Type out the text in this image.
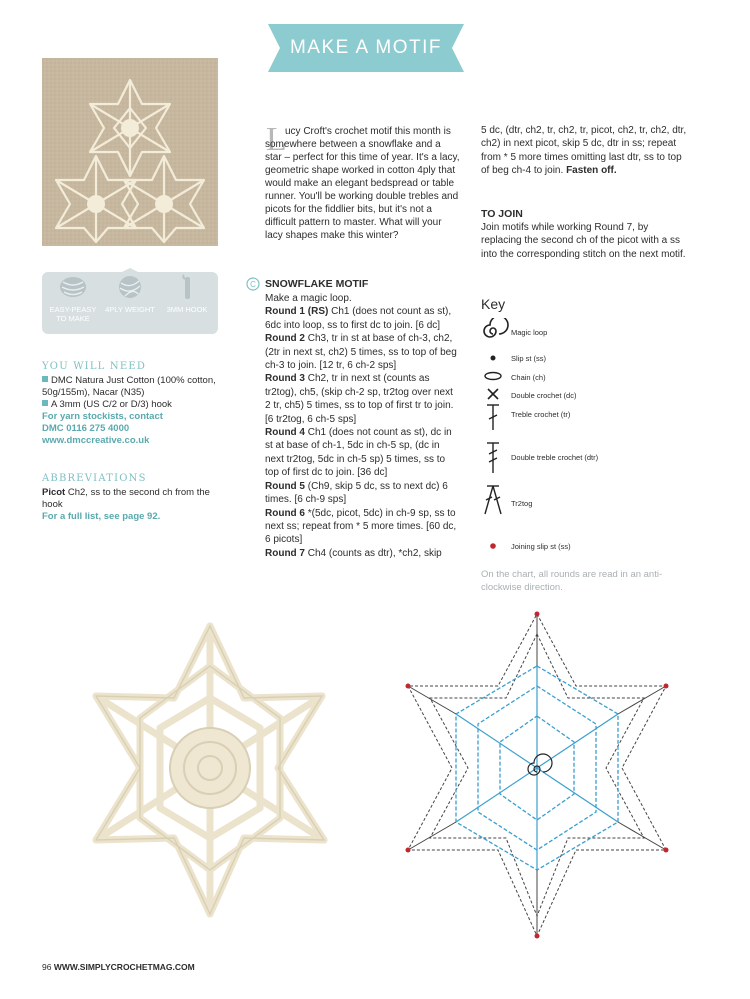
MAKE A MOTIF
EASY-PEASY TO MAKE
4PLY WEIGHT	3MM HOOK
YOU WILL NEED
DMC Natura Just Cotton (100% cotton, 50g/155m), Nacar (N35)
A 3mm (US C/2 or D/3) hook
For yarn stockists, contact
DMC 0116 275 4000
www.dmccreative.co.uk
ABBREVIATIONS
Picot Ch2, ss to the second ch from the hook
For a full list, see page 92.
L
ucy Croft's crochet motif this month is somewhere between a snowflake and a star – perfect for this time of year. It's a lacy, geometric shape worked in cotton 4ply that would make an elegant bedspread or table runner. You'll be working double trebles and picots for the fiddlier bits, but it's not a difficult pattern to master. What will your lacy shapes make this winter?
C SNOWFLAKE MOTIF
Make a magic loop.
Round 1 (RS) Ch1 (does not count as st), 6dc into loop, ss to first dc to join. [6 dc]
Round 2 Ch3, tr in st at base of ch-3, ch2, (2tr in next st, ch2) 5 times, ss to top of beg ch-3 to join. [12 tr, 6 ch-2 sps]
Round 3 Ch2, tr in next st (counts as tr2tog), ch5, (skip ch-2 sp, tr2tog over next 2 tr, ch5) 5 times, ss to top of first tr to join. [6 tr2tog, 6 ch-5 sps]
Round 4 Ch1 (does not count as st), dc in st at base of ch-1, 5dc in ch-5 sp, (dc in next tr2tog, 5dc in ch-5 sp) 5 times, ss to top of first dc to join. [36 dc]
Round 5 (Ch9, skip 5 dc, ss to next dc) 6 times. [6 ch-9 sps]
Round 6 *(5dc, picot, 5dc) in ch-9 sp, ss to next ss; repeat from * 5 more times. [60 dc, 6 picots]
Round 7 Ch4 (counts as dtr), *ch2, skip
5 dc, (dtr, ch2, tr, ch2, tr, picot, ch2, tr, ch2, dtr, ch2) in next picot, skip 5 dc, dtr in ss; repeat from * 5 more times omitting last dtr, ss to top of beg ch-4 to join. Fasten off.
TO JOIN
Join motifs while working Round 7, by replacing the second ch of the picot with a ss into the corresponding stitch on the next motif.
Key
Magic loop
Slip st (ss)
Chain (ch)
Double crochet (dc)
Treble crochet (tr)
Double treble crochet (dtr)
Tr2tog
Joining slip st (ss)
On the chart, all rounds are read in an anti-clockwise direction.
96 WWW.SIMPLYCROCHETMAG.COM
